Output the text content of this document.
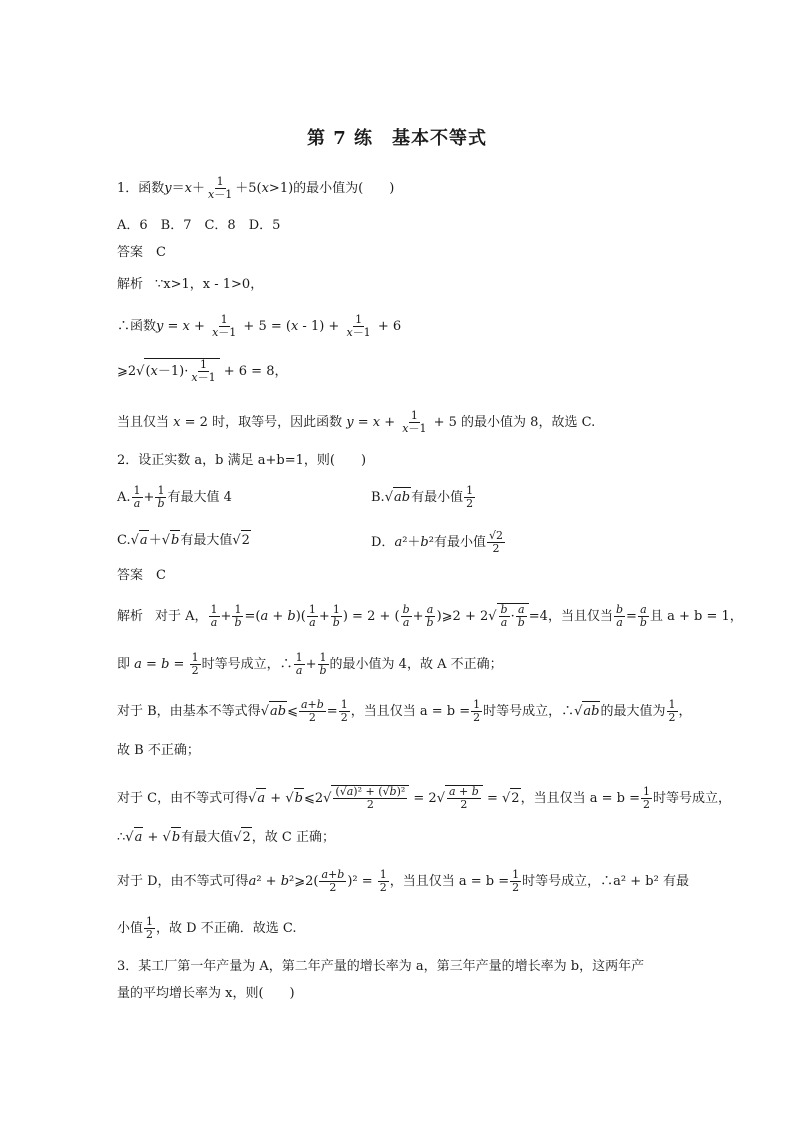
第 7 练　基本不等式
1．函数$y=x+ \frac{1}{x-1} +5(x>1)$的最小值为(　　)
A．6　B．7　C．8　D．5
答案　C
解析 ∵x>1，x - 1>0，
∴函数$y = x + \frac{1}{x-1} + 5 = (x - 1) + \frac{1}{x-1} + 6$
⩾2√(x－1)· $\frac{1}{x-1} + 6 = 8$，
当且仅当 x = 2 时，取等号，因此函数 $y = x + \frac{1}{x-1} + 5$ 的最小值为 8，故选 C.
2．设正实数 a，b 满足 a+b=1，则(　　)
A. $\frac{1}{a} + \frac{1}{b}$ 有最大值 4	B.√ab有最小值 $\frac{1}{2}$
C.√a＋√b有最大值√2	D．a²＋b²有最小值 $\frac{√2}{2}$
答案　C
解析 对于 A， $\frac{1}{a} + \frac{1}{b} =(a + b)( \frac{1}{a} + \frac{1}{b}$ ) = 2 + ( $\frac{b}{a} + \frac{a}{b}$ )⩾2 + $2√ \frac{b}{a} \cdot \frac{a}{b} =4$，当且仅当 $\frac{b}{a} = \frac{a}{b}$ 且 a + b = 1，
即 $a = b = \frac{1}{2}$ 时等号成立，∴ $\frac{1}{a} + \frac{1}{b}$ 的最小值为 4，故 A 不正确；
对于 B，由基本不等式得√ab⩽ $\frac{a+b}{2} = \frac{1}{2}$ ，当且仅当 $a = b = \frac{1}{2}$ 时等号成立，∴√ab的最大值为 $\frac{1}{2}$ ，
故 B 不正确；
对于 C，由不等式可得√a + √b⩽2√ $\frac{\text{(√a)² + (√b)²}}{2} = 2√ \frac{a + b}{2} = √2$，当且仅当 $a = b = \frac{1}{2}$ 时等号成立，
∴√a + √b有最大值√2，故 C 正确；
对于 D，由不等式可得a² + b²⩾2( $\frac{a+b}{2} )^2 = \frac{1}{2}$ ，当且仅当 $a = b = \frac{1}{2}$ 时等号成立，∴a² + b² 有最
小值 $\frac{1}{2}$ ，故 D 不正确．故选 C.
3．某工厂第一年产量为 A，第二年产量的增长率为 a，第三年产量的增长率为 b，这两年产
量的平均增长率为 x，则(　　)
